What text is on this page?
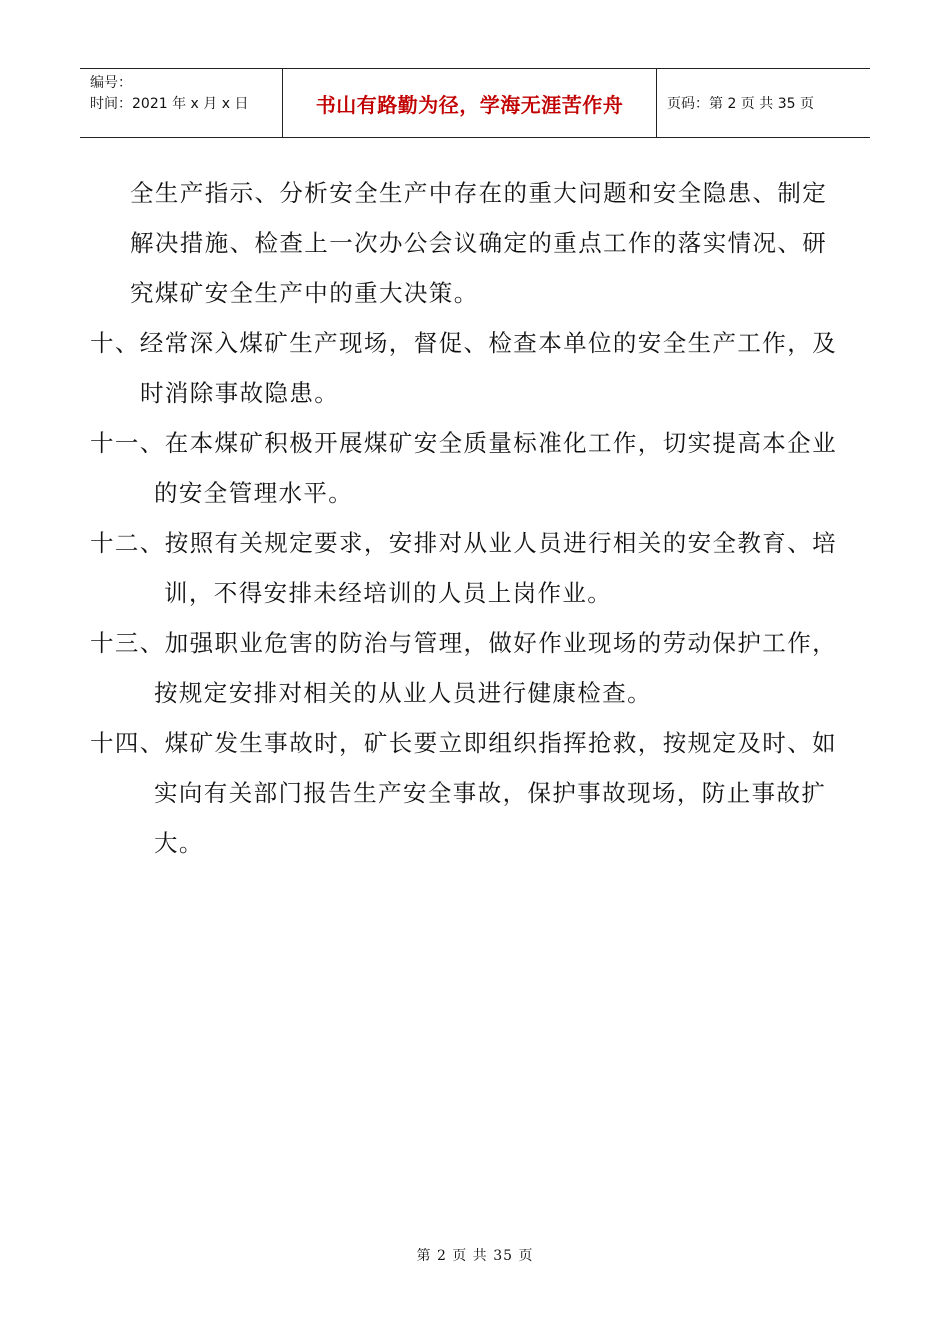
编号：
时间：2021 年 x 月 x 日	书山有路勤为径，学海无涯苦作舟	页码：第 2 页 共 35 页
全生产指示、分析安全生产中存在的重大问题和安全隐患、制定
解决措施、检查上一次办公会议确定的重点工作的落实情况、研
究煤矿安全生产中的重大决策。
十、经常深入煤矿生产现场，督促、检查本单位的安全生产工作，及
时消除事故隐患。
十一、在本煤矿积极开展煤矿安全质量标准化工作，切实提高本企业
的安全管理水平。
十二、按照有关规定要求，安排对从业人员进行相关的安全教育、培
训，不得安排未经培训的人员上岗作业。
十三、加强职业危害的防治与管理，做好作业现场的劳动保护工作，
按规定安排对相关的从业人员进行健康检查。
十四、煤矿发生事故时，矿长要立即组织指挥抢救，按规定及时、如
实向有关部门报告生产安全事故，保护事故现场，防止事故扩
大。
第 2 页 共 35 页
